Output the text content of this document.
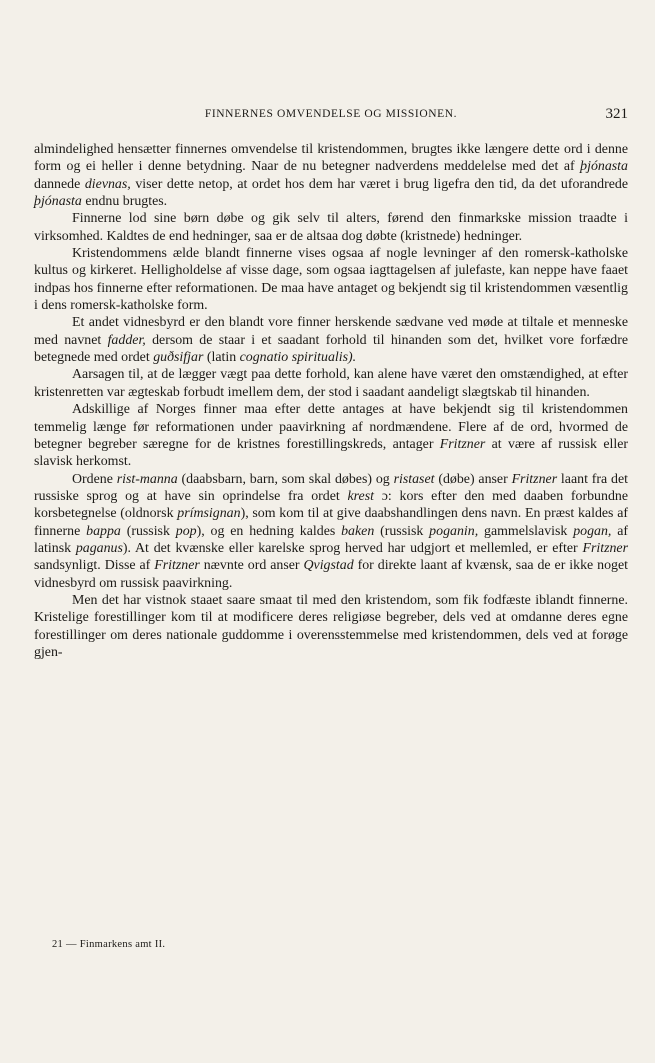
FINNERNES OMVENDELSE OG MISSIONEN.	321

almindelighed hensætter finnernes omvendelse til kristendommen, brugtes ikke længere dette ord i denne form og ei heller i denne betydning. Naar de nu betegner nadverdens meddelelse med det af þjónasta dannede dievnas, viser dette netop, at ordet hos dem har været i brug ligefra den tid, da det uforandrede þjónasta endnu brugtes.

Finnerne lod sine børn døbe og gik selv til alters, førend den finmarkske mission traadte i virksomhed. Kaldtes de end hedninger, saa er de altsaa dog døbte (kristnede) hedninger.

Kristendommens ælde blandt finnerne vises ogsaa af nogle levninger af den romersk-katholske kultus og kirkeret. Helligholdelse af visse dage, som ogsaa iagttagelsen af julefaste, kan neppe have faaet indpas hos finnerne efter reformationen. De maa have antaget og bekjendt sig til kristendommen væsentlig i dens romersk-katholske form.

Et andet vidnesbyrd er den blandt vore finner herskende sædvane ved møde at tiltale et menneske med navnet fadder, dersom de staar i et saadant forhold til hinanden som det, hvilket vore forfædre betegnede med ordet guðsifjar (latin cognatio spiritualis).

Aarsagen til, at de lægger vægt paa dette forhold, kan alene have været den omstændighed, at efter kristenretten var ægteskab forbudt imellem dem, der stod i saadant aandeligt slægtskab til hinanden.

Adskillige af Norges finner maa efter dette antages at have bekjendt sig til kristendommen temmelig længe før reformationen under paavirkning af nordmændene. Flere af de ord, hvormed de betegner begreber særegne for de kristnes forestillingskreds, antager Fritzner at være af russisk eller slavisk herkomst.

Ordene rist-manna (daabsbarn, barn, som skal døbes) og ristaset (døbe) anser Fritzner laant fra det russiske sprog og at have sin oprindelse fra ordet krest ɔ: kors efter den med daaben forbundne korsbetegnelse (oldnorsk prímsignan), som kom til at give daabshandlingen dens navn. En præst kaldes af finnerne bappa (russisk pop), og en hedning kaldes baken (russisk poganin, gammelslavisk pogan, af latinsk paganus). At det kvænske eller karelske sprog herved har udgjort et mellemled, er efter Fritzner sandsynligt. Disse af Fritzner nævnte ord anser Qvigstad for direkte laant af kvænsk, saa de er ikke noget vidnesbyrd om russisk paavirkning.

Men det har vistnok staaet saare smaat til med den kristendom, som fik fodfæste iblandt finnerne. Kristelige forestillinger kom til at modificere deres religiøse begreber, dels ved at omdanne deres egne forestillinger om deres nationale guddomme i overensstemmelse med kristendommen, dels ved at forøge gjen-

21 — Finmarkens amt II.
